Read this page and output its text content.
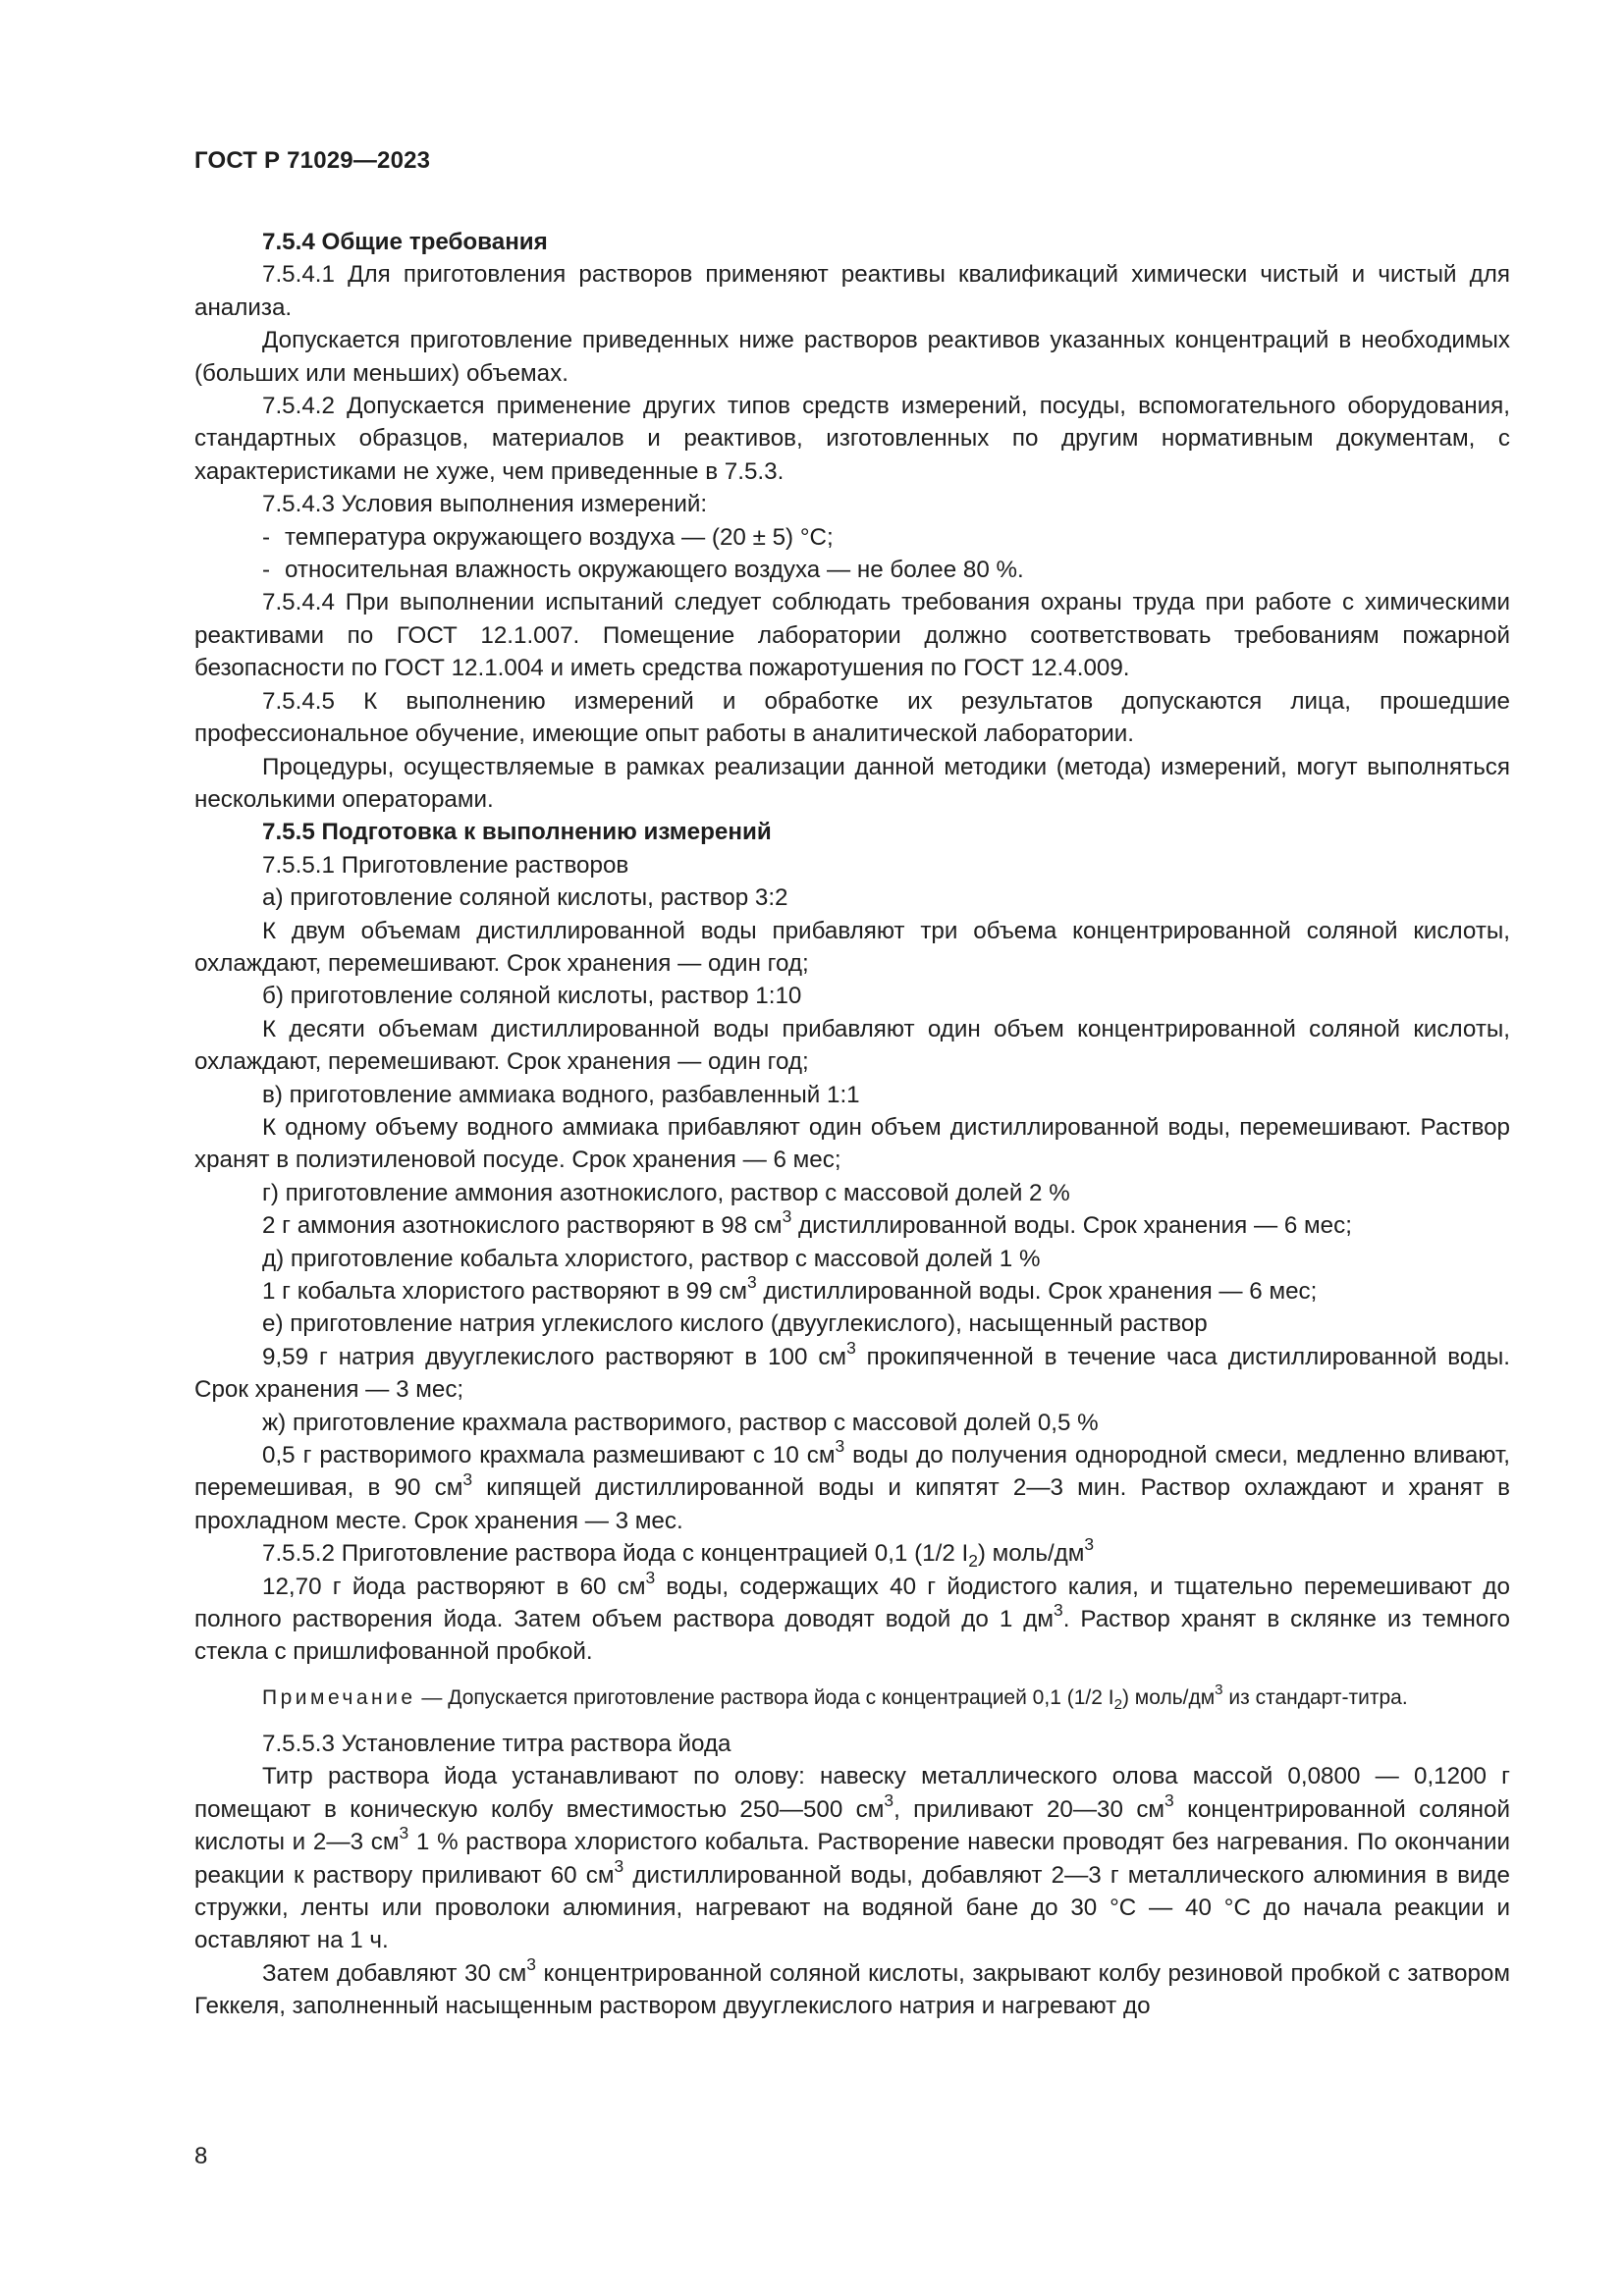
ГОСТ Р 71029—2023

7.5.4 Общие требования

7.5.4.1 Для приготовления растворов применяют реактивы квалификаций химически чистый и чистый для анализа.

Допускается приготовление приведенных ниже растворов реактивов указанных концентраций в необходимых (больших или меньших) объемах.

7.5.4.2 Допускается применение других типов средств измерений, посуды, вспомогательного оборудования, стандартных образцов, материалов и реактивов, изготовленных по другим нормативным документам, с характеристиками не хуже, чем приведенные в 7.5.3.

7.5.4.3 Условия выполнения измерений:

- температура окружающего воздуха — (20 ± 5) °С;

- относительная влажность окружающего воздуха — не более 80 %.

7.5.4.4 При выполнении испытаний следует соблюдать требования охраны труда при работе с химическими реактивами по ГОСТ 12.1.007. Помещение лаборатории должно соответствовать требованиям пожарной безопасности по ГОСТ 12.1.004 и иметь средства пожаротушения по ГОСТ 12.4.009.

7.5.4.5 К выполнению измерений и обработке их результатов допускаются лица, прошедшие профессиональное обучение, имеющие опыт работы в аналитической лаборатории.

Процедуры, осуществляемые в рамках реализации данной методики (метода) измерений, могут выполняться несколькими операторами.

7.5.5 Подготовка к выполнению измерений

7.5.5.1 Приготовление растворов

а) приготовление соляной кислоты, раствор 3:2

К двум объемам дистиллированной воды прибавляют три объема концентрированной соляной кислоты, охлаждают, перемешивают. Срок хранения — один год;

б) приготовление соляной кислоты, раствор 1:10

К десяти объемам дистиллированной воды прибавляют один объем концентрированной соляной кислоты, охлаждают, перемешивают. Срок хранения — один год;

в) приготовление аммиака водного, разбавленный 1:1

К одному объему водного аммиака прибавляют один объем дистиллированной воды, перемешивают. Раствор хранят в полиэтиленовой посуде. Срок хранения — 6 мес;

г) приготовление аммония азотнокислого, раствор с массовой долей 2 %

2 г аммония азотнокислого растворяют в 98 $см^3$ дистиллированной воды. Срок хранения — 6 мес;

д) приготовление кобальта хлористого, раствор с массовой долей 1 %

1 г кобальта хлористого растворяют в 99 $см^3$ дистиллированной воды. Срок хранения — 6 мес;

е) приготовление натрия углекислого кислого (двууглекислого), насыщенный раствор

9,59 г натрия двууглекислого растворяют в 100 $см^3$ прокипяченной в течение часа дистиллированной воды. Срок хранения — 3 мес;

ж) приготовление крахмала растворимого, раствор с массовой долей 0,5 %

0,5 г растворимого крахмала размешивают с 10 $см^3$ воды до получения однородной смеси, медленно вливают, перемешивая, в 90 $см^3$ кипящей дистиллированной воды и кипятят 2—3 мин. Раствор охлаждают и хранят в прохладном месте. Срок хранения — 3 мес.

7.5.5.2 Приготовление раствора йода с концентрацией 0,1 (1/2 $I_2$) моль/$дм^3$

12,70 г йода растворяют в 60 $см^3$ воды, содержащих 40 г йодистого калия, и тщательно перемешивают до полного растворения йода. Затем объем раствора доводят водой до 1 $дм^3$. Раствор хранят в склянке из темного стекла с пришлифованной пробкой.

Примечание — Допускается приготовление раствора йода с концентрацией 0,1 (1/2 $I_2$) моль/$дм^3$ из стандарт-титра.

7.5.5.3 Установление титра раствора йода

Титр раствора йода устанавливают по олову: навеску металлического олова массой 0,0800 — 0,1200 г помещают в коническую колбу вместимостью 250—500 $см^3$, приливают 20—30 $см^3$ концентрированной соляной кислоты и 2—3 $см^3$ 1 % раствора хлористого кобальта. Растворение навески проводят без нагревания. По окончании реакции к раствору приливают 60 $см^3$ дистиллированной воды, добавляют 2—3 г металлического алюминия в виде стружки, ленты или проволоки алюминия, нагревают на водяной бане до 30 °С — 40 °С до начала реакции и оставляют на 1 ч.

Затем добавляют 30 $см^3$ концентрированной соляной кислоты, закрывают колбу резиновой пробкой с затвором Геккеля, заполненный насыщенным раствором двууглекислого натрия и нагревают до

8
